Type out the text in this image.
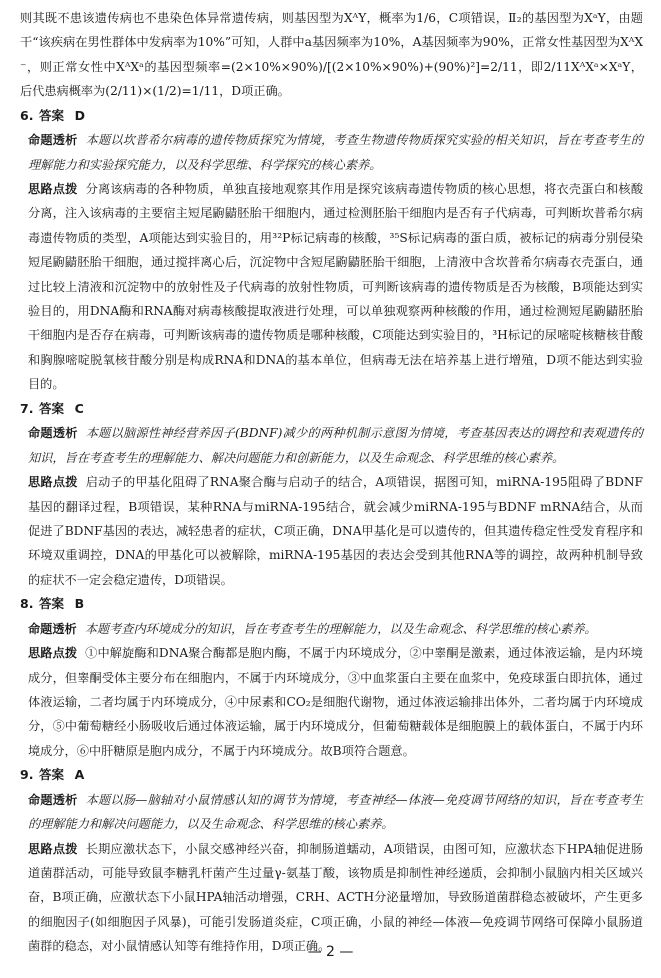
则其既不患该遗传病也不患染色体异常遗传病，则基因型为XᴬY，概率为1/6，C项错误，Ⅱ₂的基因型为XᵃY，由题干“该疾病在男性群体中发病率为10%”可知，人群中a基因频率为10%，A基因频率为90%，正常女性基因型为XᴬX⁻，则正常女性中XᴬXᵃ的基因型频率=(2×10%×90%)/[(2×10%×90%)+(90%)²]=2/11，即2/11XᴬXᵃ×XᵃY，后代患病概率为(2/11)×(1/2)=1/11，D项正确。

6. 答案  D

命题透析 本题以坎普希尔病毒的遗传物质探究为情境，考查生物遗传物质探究实验的相关知识，旨在考查考生的理解能力和实验探究能力，以及科学思维、科学探究的核心素养。

思路点拨 分离该病毒的各种物质，单独直接地观察其作用是探究该病毒遗传物质的核心思想，将衣壳蛋白和核酸分离，注入该病毒的主要宿主短尾鼩鼱胚胎干细胞内，通过检测胚胎干细胞内是否有子代病毒，可判断坎普希尔病毒遗传物质的类型，A项能达到实验目的，用³²P标记病毒的核酸，³⁵S标记病毒的蛋白质，被标记的病毒分别侵染短尾鼩鼱胚胎干细胞，通过搅拌离心后，沉淀物中含短尾鼩鼱胚胎干细胞，上清液中含坎普希尔病毒衣壳蛋白，通过比较上清液和沉淀物中的放射性及子代病毒的放射性物质，可判断该病毒的遗传物质是否为核酸，B项能达到实验目的，用DNA酶和RNA酶对病毒核酸提取液进行处理，可以单独观察两种核酸的作用，通过检测短尾鼩鼱胚胎干细胞内是否存在病毒，可判断该病毒的遗传物质是哪种核酸，C项能达到实验目的，³H标记的尿嘧啶核糖核苷酸和胸腺嘧啶脱氧核苷酸分别是构成RNA和DNA的基本单位，但病毒无法在培养基上进行增殖，D项不能达到实验目的。

7. 答案  C

命题透析 本题以脑源性神经营养因子(BDNF)减少的两种机制示意图为情境，考查基因表达的调控和表观遗传的知识，旨在考查考生的理解能力、解决问题能力和创新能力，以及生命观念、科学思维的核心素养。

思路点拨 启动子的甲基化阻碍了RNA聚合酶与启动子的结合，A项错误，据图可知，miRNA-195阻碍了BDNF基因的翻译过程，B项错误，某种RNA与miRNA-195结合，就会减少miRNA-195与BDNF mRNA结合，从而促进了BDNF基因的表达，减轻患者的症状，C项正确，DNA甲基化是可以遗传的，但其遗传稳定性受发育程序和环境双重调控，DNA的甲基化可以被解除，miRNA-195基因的表达会受到其他RNA等的调控，故两种机制导致的症状不一定会稳定遗传，D项错误。

8. 答案  B

命题透析 本题考查内环境成分的知识，旨在考查考生的理解能力，以及生命观念、科学思维的核心素养。

思路点拨 ①中解旋酶和DNA聚合酶都是胞内酶，不属于内环境成分，②中睾酮是激素，通过体液运输，是内环境成分，但睾酮受体主要分布在细胞内，不属于内环境成分，③中血浆蛋白主要在血浆中，免疫球蛋白即抗体，通过体液运输，二者均属于内环境成分，④中尿素和CO₂是细胞代谢物，通过体液运输排出体外，二者均属于内环境成分，⑤中葡萄糖经小肠吸收后通过体液运输，属于内环境成分，但葡萄糖载体是细胞膜上的载体蛋白，不属于内环境成分，⑥中肝糖原是胞内成分，不属于内环境成分。故B项符合题意。

9. 答案  A

命题透析 本题以肠—脑轴对小鼠情感认知的调节为情境，考查神经—体液—免疫调节网络的知识，旨在考查考生的理解能力和解决问题能力，以及生命观念、科学思维的核心素养。

思路点拨 长期应激状态下，小鼠交感神经兴奋，抑制肠道蠕动，A项错误，由图可知，应激状态下HPA轴促进肠道菌群活动，可能导致鼠李糖乳杆菌产生过量γ-氨基丁酸，该物质是抑制性神经递质，会抑制小鼠脑内相关区域兴奋，B项正确，应激状态下小鼠HPA轴活动增强，CRH、ACTH分泌量增加，导致肠道菌群稳态被破坏，产生更多的细胞因子(如细胞因子风暴)，可能引发肠道炎症，C项正确，小鼠的神经—体液—免疫调节网络可保障小鼠肠道菌群的稳态，对小鼠情感认知等有维持作用，D项正确。

— 2 —
